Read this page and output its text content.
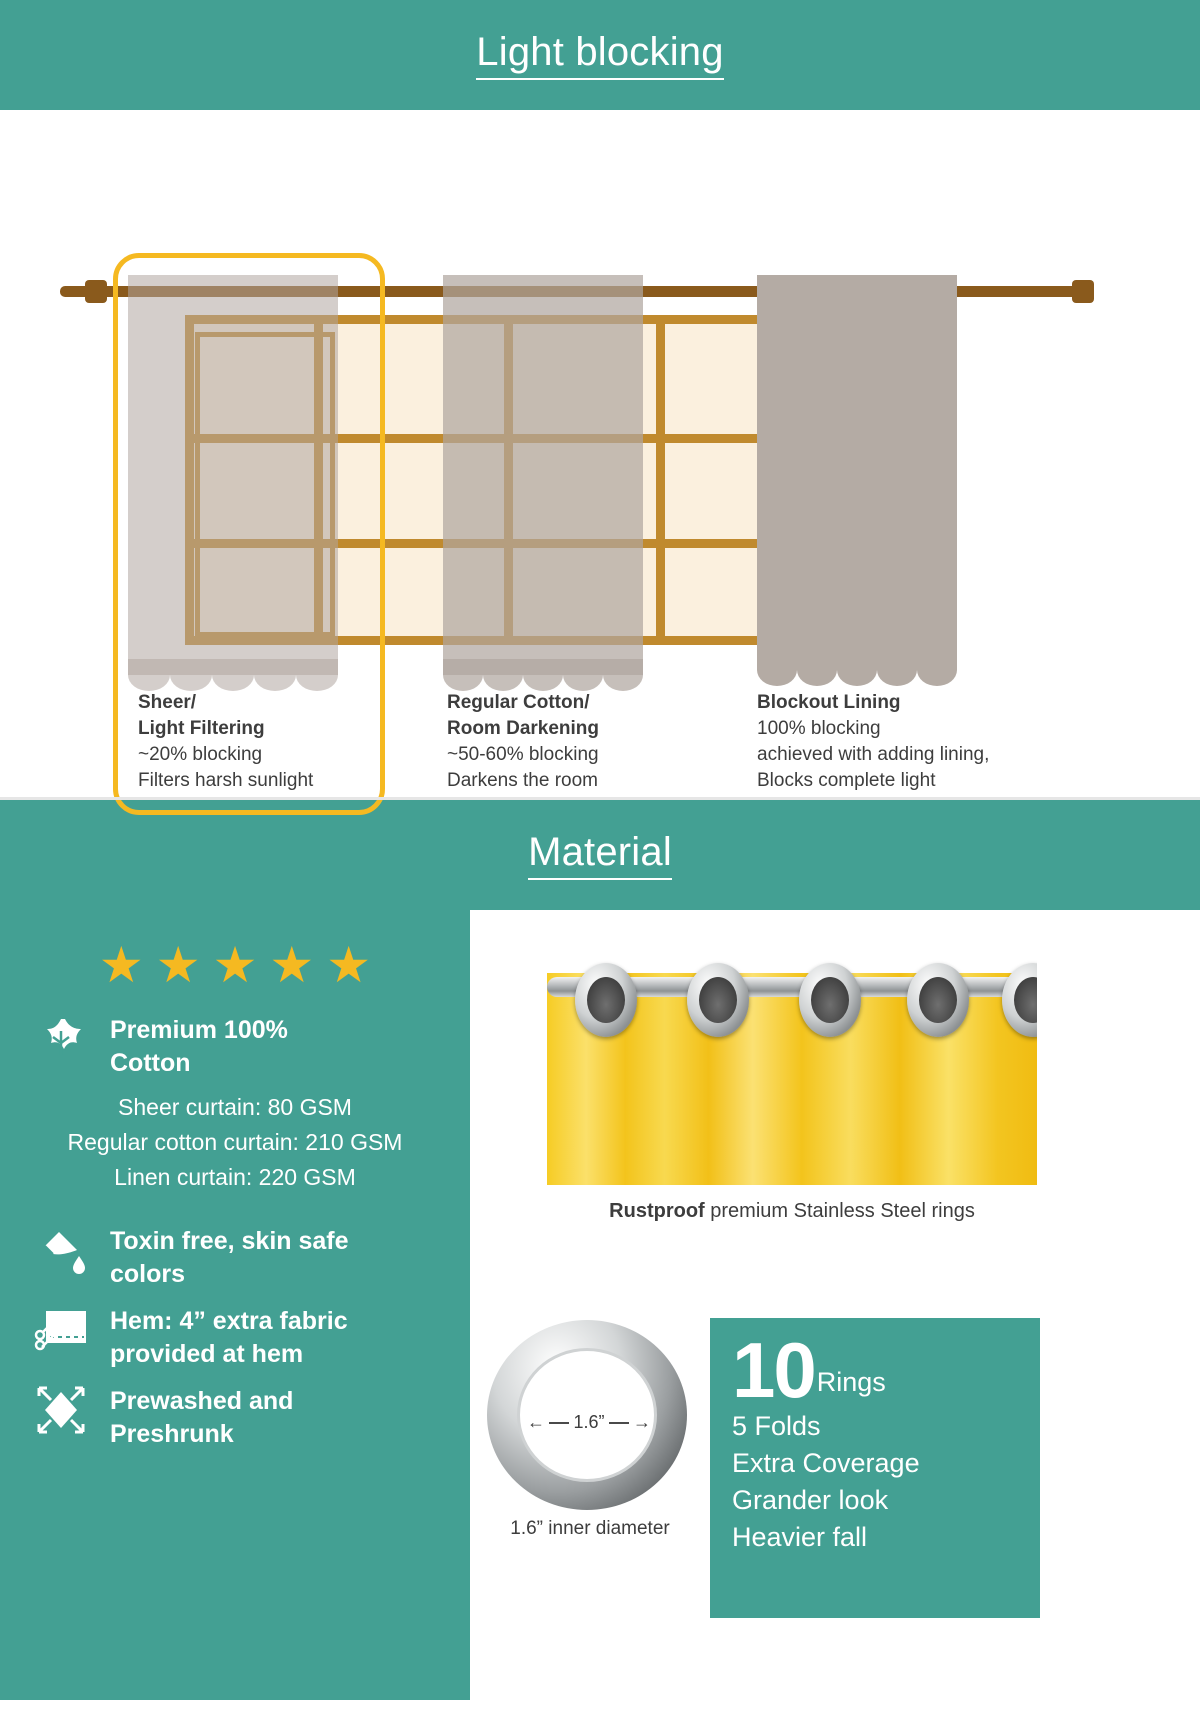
Light blocking
Sheer/
Light Filtering
~20% blocking
Filters harsh sunlight
Regular Cotton/
Room Darkening
~50-60% blocking
Darkens the room
Blockout Lining
100% blocking
achieved with adding lining,
Blocks complete light
Material
★ ★ ★ ★ ★
Premium 100%
Cotton
Sheer curtain: 80 GSM
Regular cotton curtain: 210 GSM
Linen curtain: 220 GSM
Toxin free, skin safe
colors
Hem: 4” extra fabric
provided at hem
Prewashed and
Preshrunk
Rustproof premium Stainless Steel rings
← 1.6” →
1.6” inner diameter
10 Rings
5 Folds
Extra Coverage
Grander look
Heavier fall
